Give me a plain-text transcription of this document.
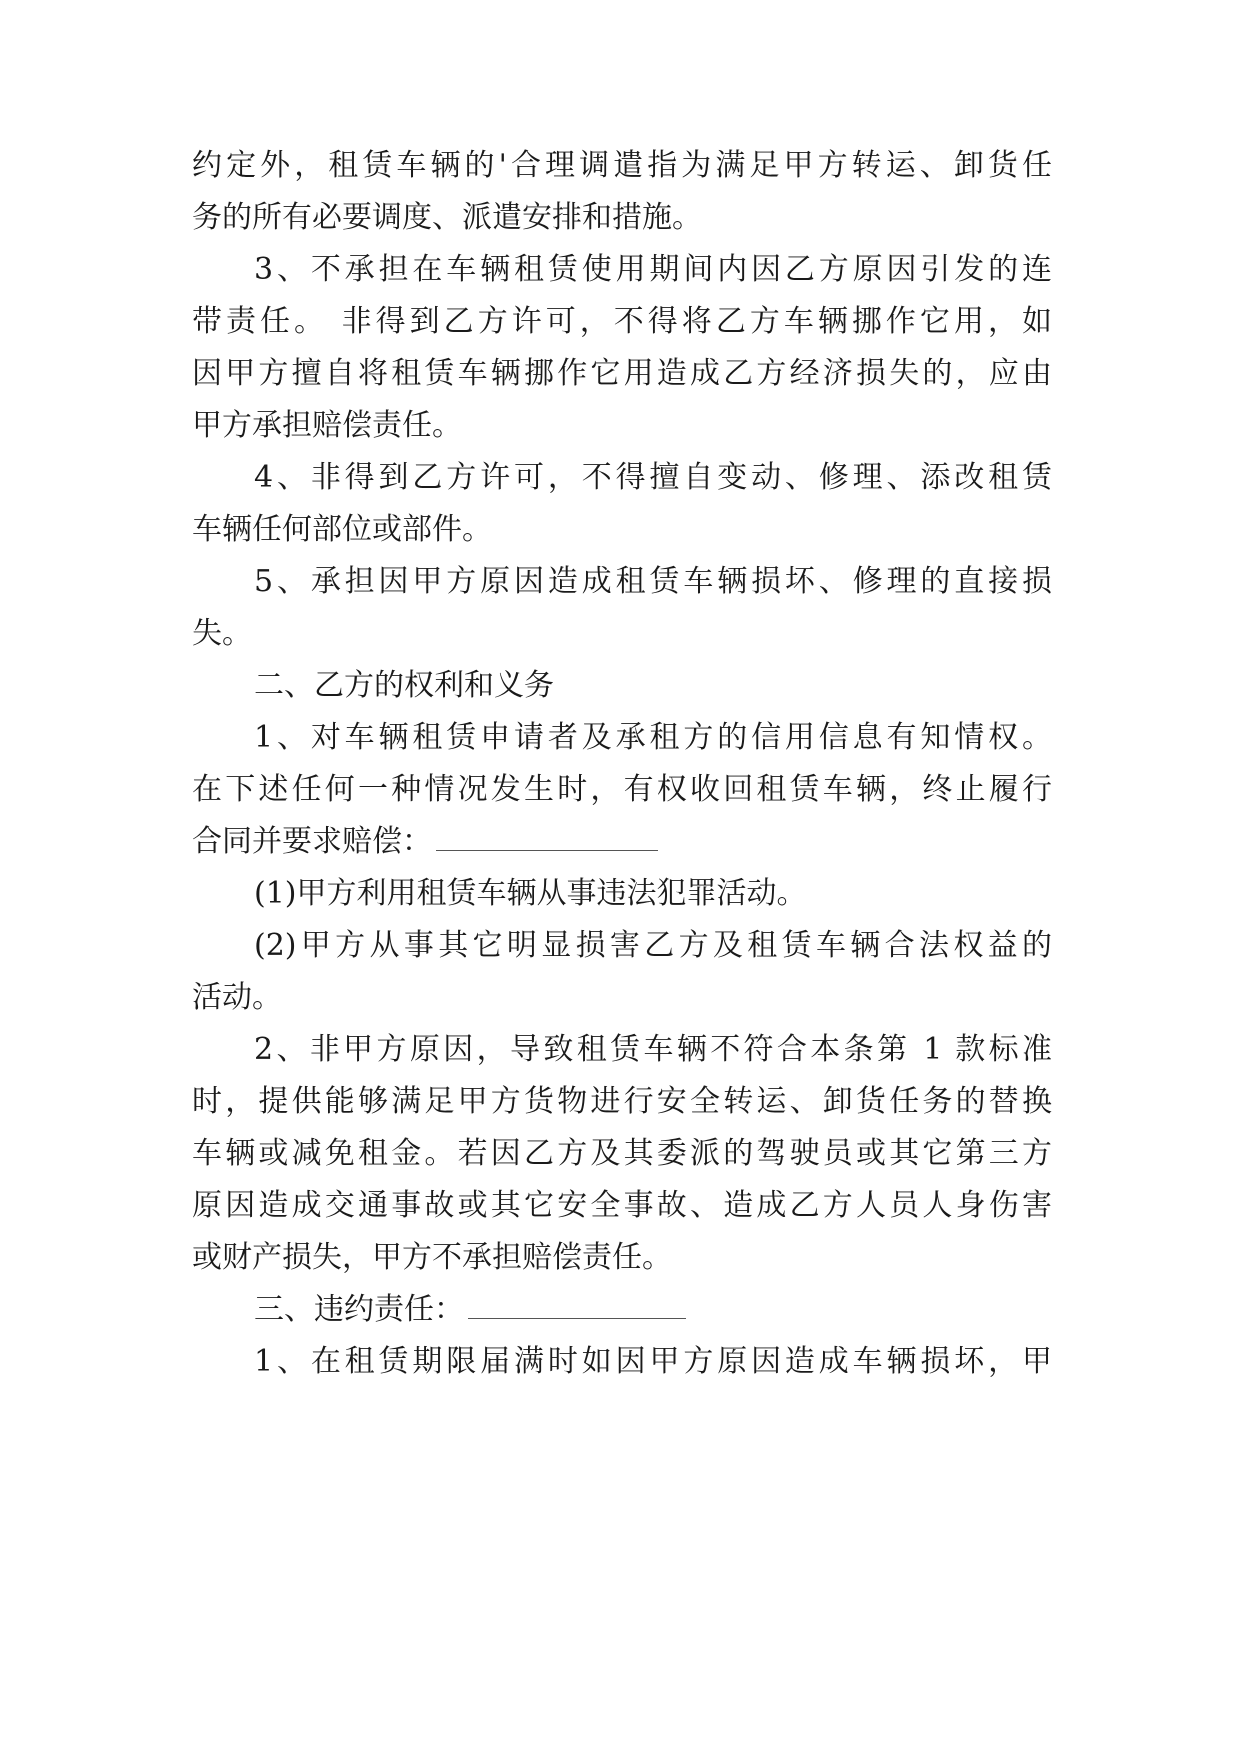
约定外，租赁车辆的'合理调遣指为满足甲方转运、卸货任
务的所有必要调度、派遣安排和措施。
3、不承担在车辆租赁使用期间内因乙方原因引发的连
带责任。 非得到乙方许可，不得将乙方车辆挪作它用，如
因甲方擅自将租赁车辆挪作它用造成乙方经济损失的，应由
甲方承担赔偿责任。
4、非得到乙方许可，不得擅自变动、修理、添改租赁
车辆任何部位或部件。
5、承担因甲方原因造成租赁车辆损坏、修理的直接损
失。
二、乙方的权利和义务
1、对车辆租赁申请者及承租方的信用信息有知情权。
在下述任何一种情况发生时，有权收回租赁车辆，终止履行
合同并要求赔偿：
(1)甲方利用租赁车辆从事违法犯罪活动。
(2)甲方从事其它明显损害乙方及租赁车辆合法权益的
活动。
2、非甲方原因，导致租赁车辆不符合本条第 1 款标准
时，提供能够满足甲方货物进行安全转运、卸货任务的替换
车辆或减免租金。若因乙方及其委派的驾驶员或其它第三方
原因造成交通事故或其它安全事故、造成乙方人员人身伤害
或财产损失，甲方不承担赔偿责任。
三、违约责任：
1、在租赁期限届满时如因甲方原因造成车辆损坏，甲
